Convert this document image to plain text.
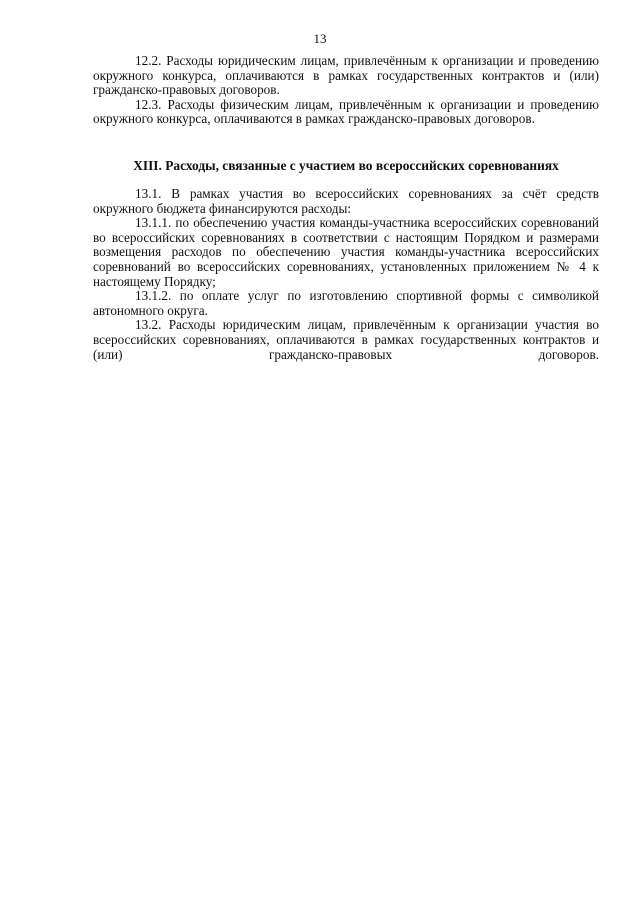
13

12.2. Расходы юридическим лицам, привлечённым к организации и проведению окружного конкурса, оплачиваются в рамках государственных контрактов и (или) гражданско-правовых договоров.

12.3. Расходы физическим лицам, привлечённым к организации и проведению окружного конкурса, оплачиваются в рамках гражданско-правовых договоров.

XIII. Расходы, связанные с участием во всероссийских соревнованиях

13.1. В рамках участия во всероссийских соревнованиях за счёт средств окружного бюджета финансируются расходы:

13.1.1. по обеспечению участия команды-участника всероссийских соревнований во всероссийских соревнованиях в соответствии с настоящим Порядком и размерами возмещения расходов по обеспечению участия команды-участника всероссийских соревнований во всероссийских соревнованиях, установленных приложением № 4 к настоящему Порядку;

13.1.2. по оплате услуг по изготовлению спортивной формы с символикой автономного округа.

13.2. Расходы юридическим лицам, привлечённым к организации участия во всероссийских соревнованиях, оплачиваются в рамках государственных контрактов и (или) гражданско-правовых договоров.
